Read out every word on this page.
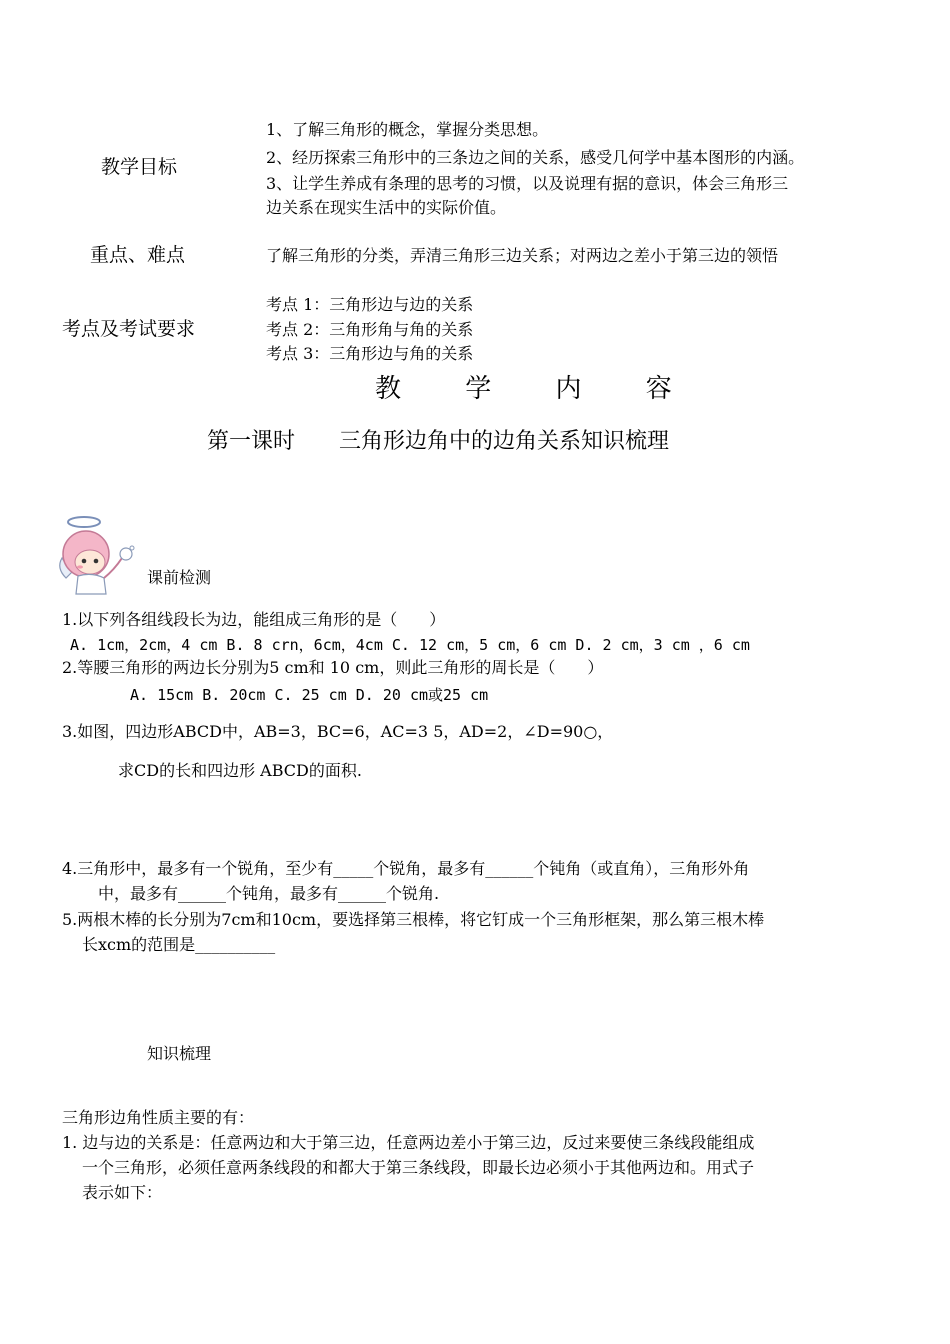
教学目标
1、了解三角形的概念，掌握分类思想。
2、经历探索三角形中的三条边之间的关系，感受几何学中基本图形的内涵。
3、让学生养成有条理的思考的习惯，以及说理有据的意识，体会三角形三
边关系在现实生活中的实际价值。
重点、难点	了解三角形的分类，弄清三角形三边关系；对两边之差小于第三边的领悟
考点及考试要求
考点 1：三角形边与边的关系
考点 2：三角形角与角的关系
考点 3：三角形边与角的关系
教 学 内 容
第一课时　　三角形边角中的边角关系知识梳理
课前检测
1.以下列各组线段长为边，能组成三角形的是（　　）
A. 1cm，2cm，4 cm B. 8 crn，6cm，4cm C. 12 cm，5 cm，6 cm D. 2 cm，3 cm ，6 cm
2.等腰三角形的两边长分别为5 cm和 10 cm，则此三角形的周长是（　　）
A. 15cm B. 20cm C. 25 cm D. 20 cm或25 cm
3.如图，四边形ABCD中，AB=3，BC=6，AC=3 5，AD=2，∠D=90○，
求CD的长和四边形 ABCD的面积.
4.三角形中，最多有一个锐角，至少有_____个锐角，最多有______个钝角（或直角），三角形外角
中，最多有______个钝角，最多有______个锐角.
5.两根木棒的长分别为7cm和10cm，要选择第三根棒，将它钉成一个三角形框架，那么第三根木棒
长xcm的范围是__________
知识梳理
三角形边角性质主要的有：
1. 边与边的关系是：任意两边和大于第三边，任意两边差小于第三边，反过来要使三条线段能组成
一个三角形，必须任意两条线段的和都大于第三条线段，即最长边必须小于其他两边和。用式子
表示如下：
